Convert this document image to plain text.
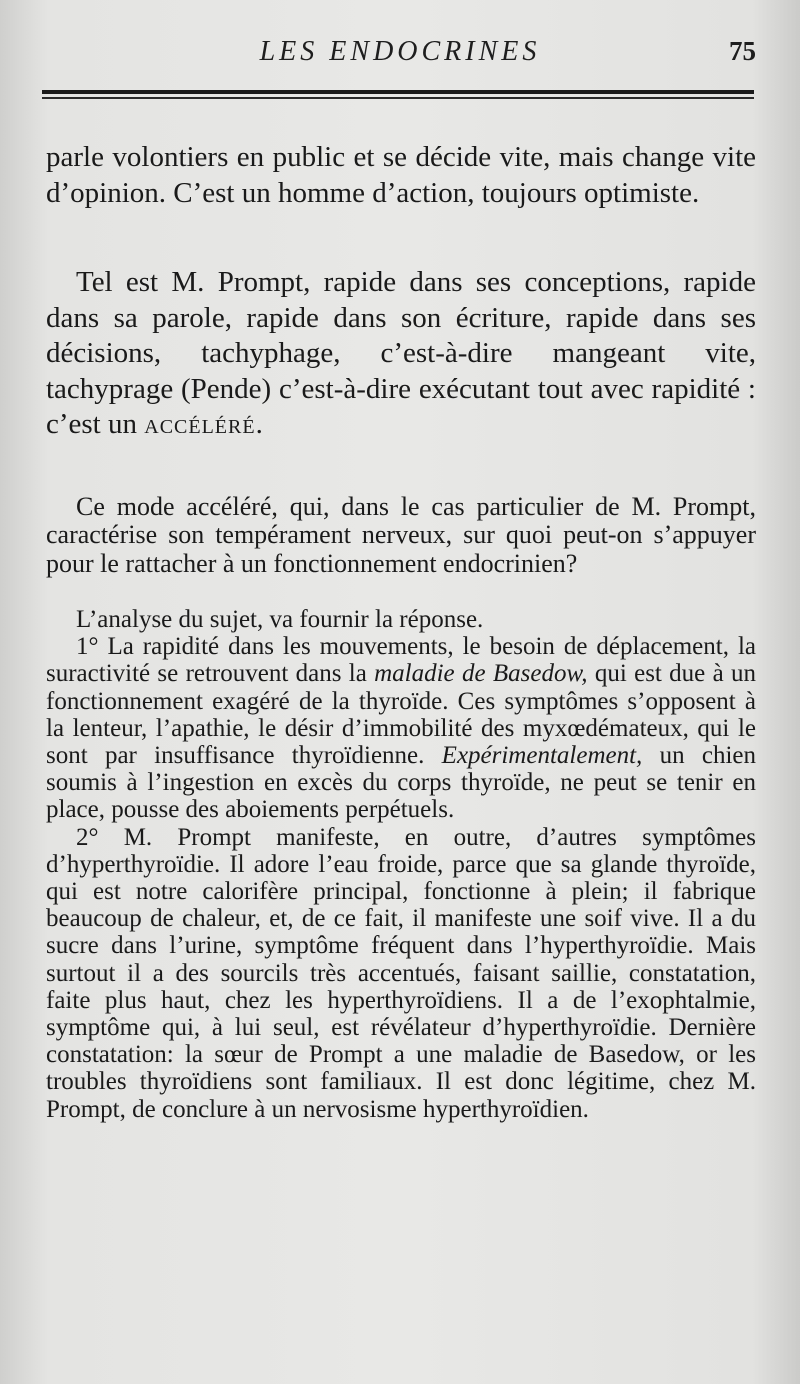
LES ENDOCRINES	75

parle volontiers en public et se décide vite, mais change vite d’opinion. C’est un homme d’action, toujours optimiste.

Tel est M. Prompt, rapide dans ses conceptions, rapide dans sa parole, rapide dans son écriture, rapide dans ses décisions, tachyphage, c’est-à-dire mangeant vite, tachyprage (Pende) c’est-à-dire exécutant tout avec rapidité : c’est un accéléré.

Ce mode accéléré, qui, dans le cas particulier de M. Prompt, caractérise son tempérament nerveux, sur quoi peut-on s’appuyer pour le rattacher à un fonctionnement endocrinien?

L’analyse du sujet, va fournir la réponse.

1° La rapidité dans les mouvements, le besoin de déplacement, la suractivité se retrouvent dans la maladie de Basedow, qui est due à un fonctionnement exagéré de la thyroïde. Ces symptômes s’opposent à la lenteur, l’apathie, le désir d’immobilité des myxœdémateux, qui le sont par insuffisance thyroïdienne. Expérimentalement, un chien soumis à l’ingestion en excès du corps thyroïde, ne peut se tenir en place, pousse des aboiements perpétuels.

2° M. Prompt manifeste, en outre, d’autres symptômes d’hyperthyroïdie. Il adore l’eau froide, parce que sa glande thyroïde, qui est notre calorifère principal, fonctionne à plein; il fabrique beaucoup de chaleur, et, de ce fait, il manifeste une soif vive. Il a du sucre dans l’urine, symptôme fréquent dans l’hyperthyroïdie. Mais surtout il a des sourcils très accentués, faisant saillie, constatation, faite plus haut, chez les hyperthyroïdiens. Il a de l’exophtalmie, symptôme qui, à lui seul, est révélateur d’hyperthyroïdie. Dernière constatation: la sœur de Prompt a une maladie de Basedow, or les troubles thyroïdiens sont familiaux. Il est donc légitime, chez M. Prompt, de conclure à un nervosisme hyperthyroïdien.
